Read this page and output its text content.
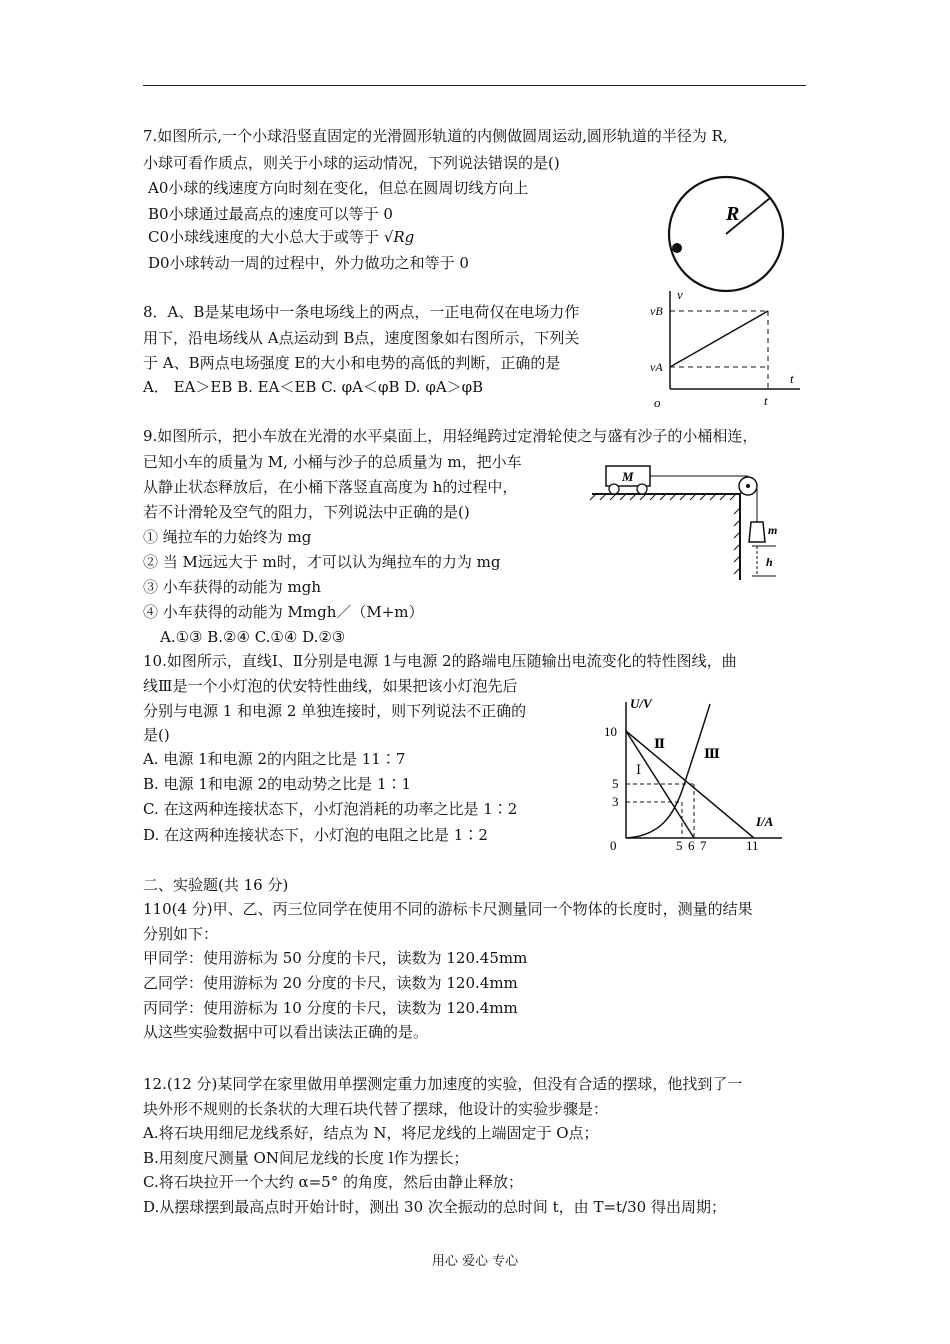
7.如图所示,一个小球沿竖直固定的光滑圆形轨道的内侧做圆周运动,圆形轨道的半径为 R,
小球可看作质点，则关于小球的运动情况，下列说法错误的是()
A0小球的线速度方向时刻在变化，但总在圆周切线方向上
B0小球通过最高点的速度可以等于 0
C0小球线速度的大小总大于或等于 √Rg
D0小球转动一周的过程中，外力做功之和等于 0
R
8．A、B是某电场中一条电场线上的两点，一正电荷仅在电场力作
用下，沿电场线从 A点运动到 B点，速度图象如右图所示，下列关
于 A、B两点电场强度 E的大小和电势的高低的判断，正确的是
A． EA＞EB B. EA＜EB C. φA＜φB D. φA＞φB
v
t
vB
vA
o	t
9.如图所示，把小车放在光滑的水平桌面上，用轻绳跨过定滑轮使之与盛有沙子的小桶相连，
已知小车的质量为 M, 小桶与沙子的总质量为 m，把小车
从静止状态释放后，在小桶下落竖直高度为 h的过程中，
若不计滑轮及空气的阻力，下列说法中正确的是()
① 绳拉车的力始终为 mg
② 当 M远远大于 m时，才可以认为绳拉车的力为 mg
③ 小车获得的动能为 mgh
④ 小车获得的动能为 Mmgh／（M+m）
A.①③ B.②④ C.①④ D.②③
M
m
h
10.如图所示，直线Ⅰ、Ⅱ分别是电源 1与电源 2的路端电压随输出电流变化的特性图线，曲
线Ⅲ是一个小灯泡的伏安特性曲线，如果把该小灯泡先后
分别与电源 1 和电源 2 单独连接时，则下列说法不正确的
是()
A. 电源 1和电源 2的内阻之比是 11∶7
B. 电源 1和电源 2的电动势之比是 1∶1
C. 在这两种连接状态下，小灯泡消耗的功率之比是 1∶2
D. 在这两种连接状态下，小灯泡的电阻之比是 1∶2
U/V
I/A
10
5
3
0	5 6 7	11
Ⅰ
Ⅱ
Ⅲ
二、实验题(共 16 分)
110(4 分)甲、乙、丙三位同学在使用不同的游标卡尺测量同一个物体的长度时，测量的结果
分别如下：
甲同学：使用游标为 50 分度的卡尺，读数为 120.45mm
乙同学：使用游标为 20 分度的卡尺，读数为 120.4mm
丙同学：使用游标为 10 分度的卡尺，读数为 120.4mm
从这些实验数据中可以看出读法正确的是。
12.(12 分)某同学在家里做用单摆测定重力加速度的实验，但没有合适的摆球，他找到了一
块外形不规则的长条状的大理石块代替了摆球，他设计的实验步骤是：
A.将石块用细尼龙线系好，结点为 N，将尼龙线的上端固定于 O点；
B.用刻度尺测量 ON间尼龙线的长度 l作为摆长；
C.将石块拉开一个大约 α=5° 的角度，然后由静止释放；
D.从摆球摆到最高点时开始计时，测出 30 次全振动的总时间 t，由 T=t/30 得出周期；
用心 爱心 专心
